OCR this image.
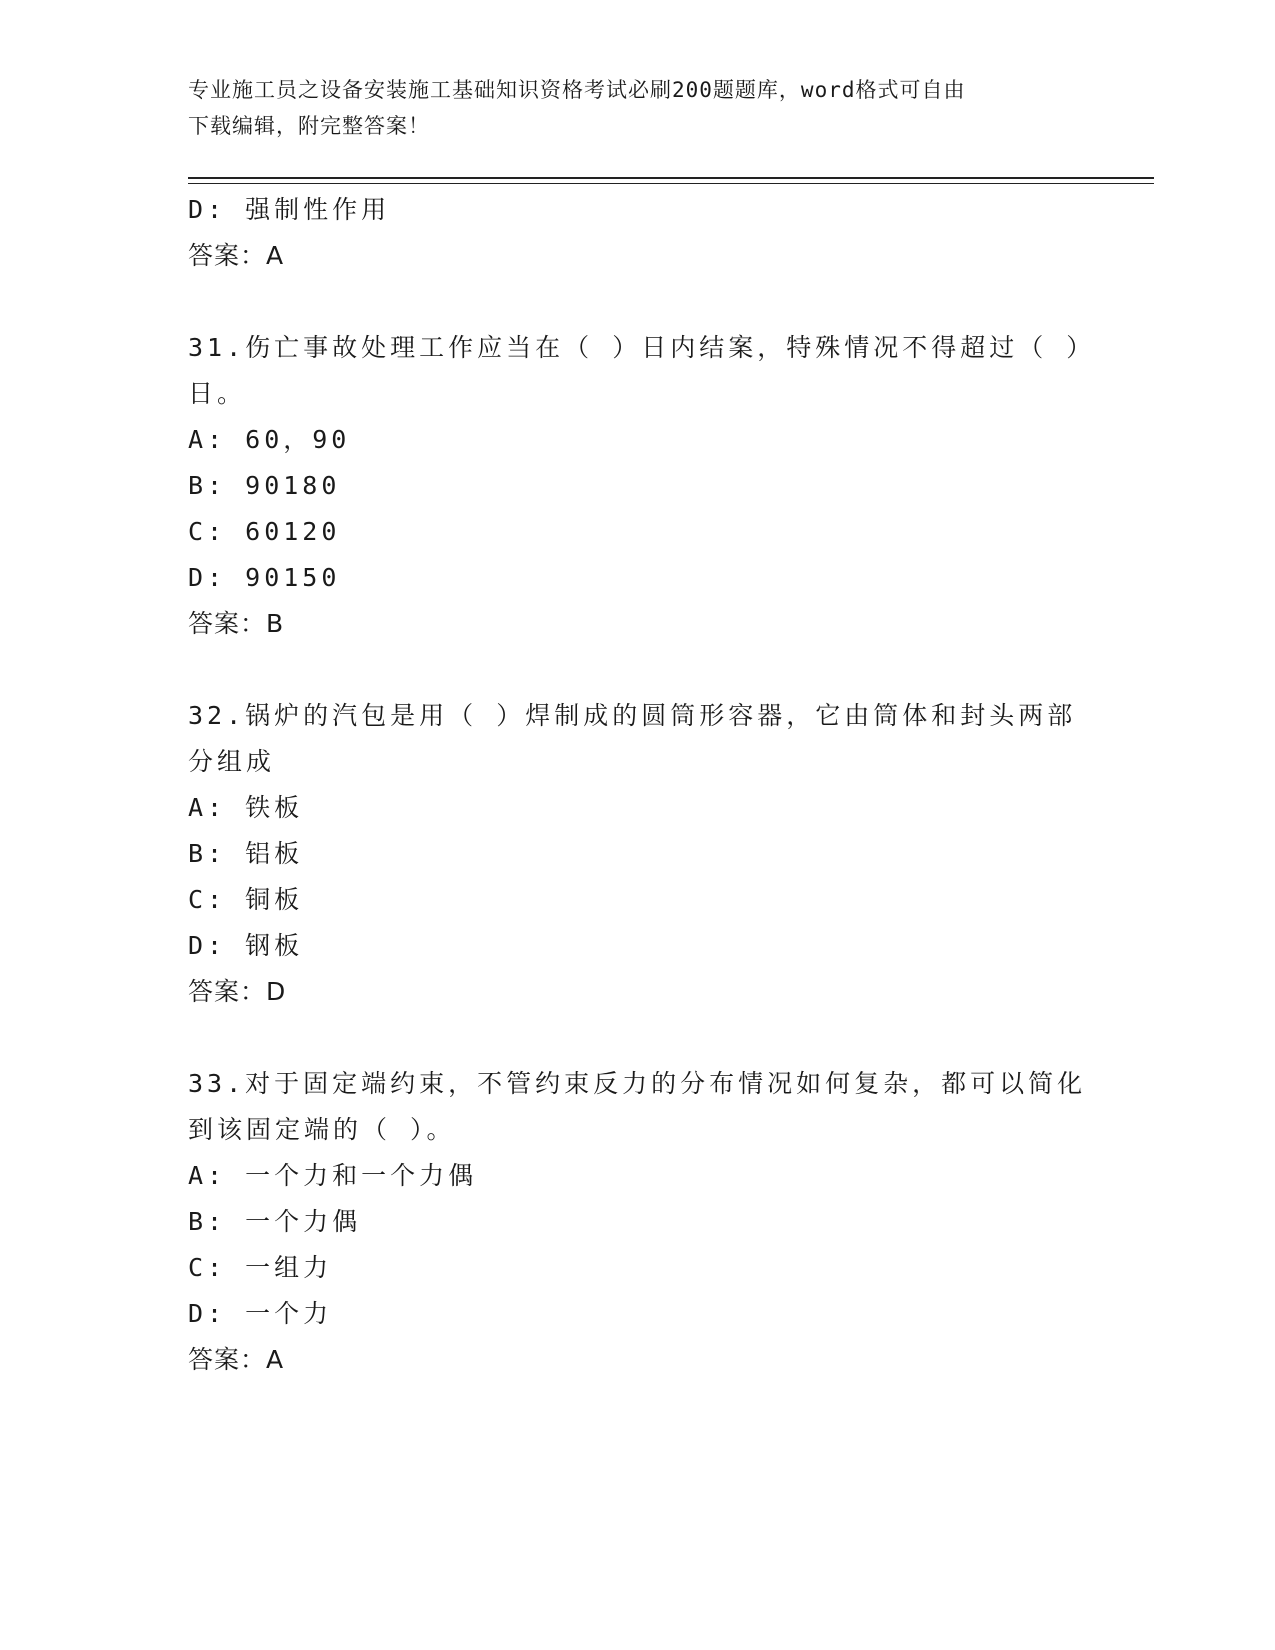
专业施工员之设备安装施工基础知识资格考试必刷200题题库，word格式可自由
下载编辑，附完整答案！
D: 强制性作用
答案：A
31.伤亡事故处理工作应当在（ ）日内结案，特殊情况不得超过（ ）
日。
A: 60，90
B: 90180
C: 60120
D: 90150
答案：B
32.锅炉的汽包是用（ ）焊制成的圆筒形容器，它由筒体和封头两部
分组成
A: 铁板
B: 铝板
C: 铜板
D: 钢板
答案：D
33.对于固定端约束，不管约束反力的分布情况如何复杂，都可以简化
到该固定端的（ ）。
A: 一个力和一个力偶
B: 一个力偶
C: 一组力
D: 一个力
答案：A
